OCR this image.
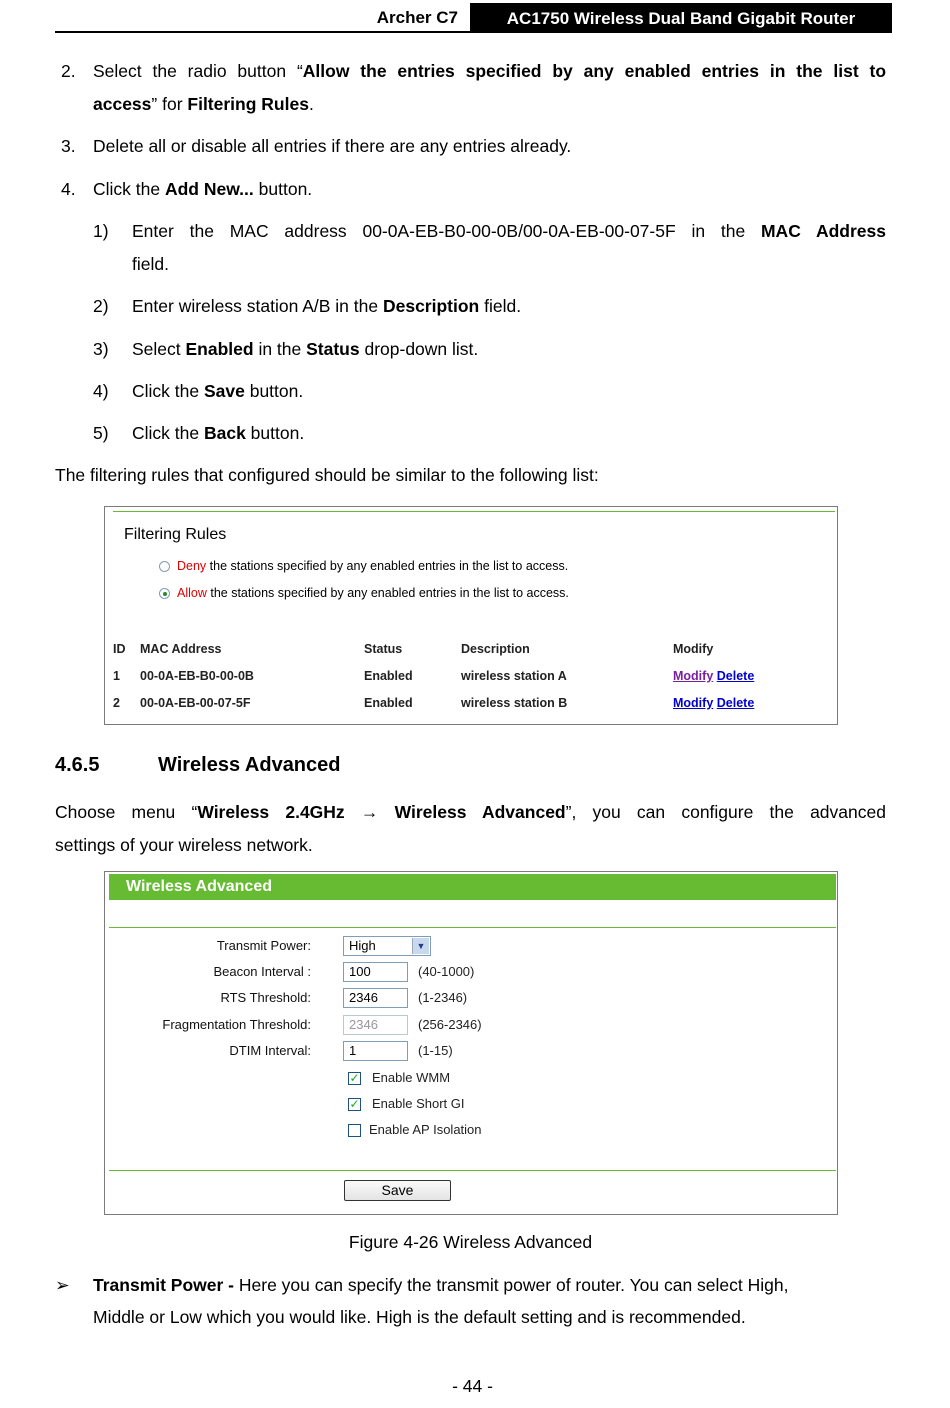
Archer C7	AC1750 Wireless Dual Band Gigabit Router
2. Select the radio button “Allow the entries specified by any enabled entries in the list to
access” for Filtering Rules.
3. Delete all or disable all entries if there are any entries already.
4. Click the Add New... button.
1) Enter the MAC address 00-0A-EB-B0-00-0B/00-0A-EB-00-07-5F in the MAC Address
field.
2) Enter wireless station A/B in the Description field.
3) Select Enabled in the Status drop-down list.
4) Click the Save button.
5) Click the Back button.
The filtering rules that configured should be similar to the following list:
Filtering Rules
Deny the stations specified by any enabled entries in the list to access.
Allow the stations specified by any enabled entries in the list to access.
ID MAC Address	Status	Description	Modify
1 00-0A-EB-B0-00-0B	Enabled	wireless station A	Modify Delete
2 00-0A-EB-00-07-5F	Enabled	wireless station B	Modify Delete
4.6.5	Wireless Advanced
Choose menu “Wireless 2.4GHz → Wireless Advanced”, you can configure the advanced
settings of your wireless network.
Wireless Advanced
Transmit Power:	High	▼
Beacon Interval :	100	(40-1000)
RTS Threshold:	2346	(1-2346)
Fragmentation Threshold:	2346	(256-2346)
DTIM Interval:	1	(1-15)
✓ Enable WMM
✓ Enable Short GI
Enable AP Isolation
Save
Figure 4-26 Wireless Advanced
➢ Transmit Power - Here you can specify the transmit power of router. You can select High,
Middle or Low which you would like. High is the default setting and is recommended.
- 44 -
